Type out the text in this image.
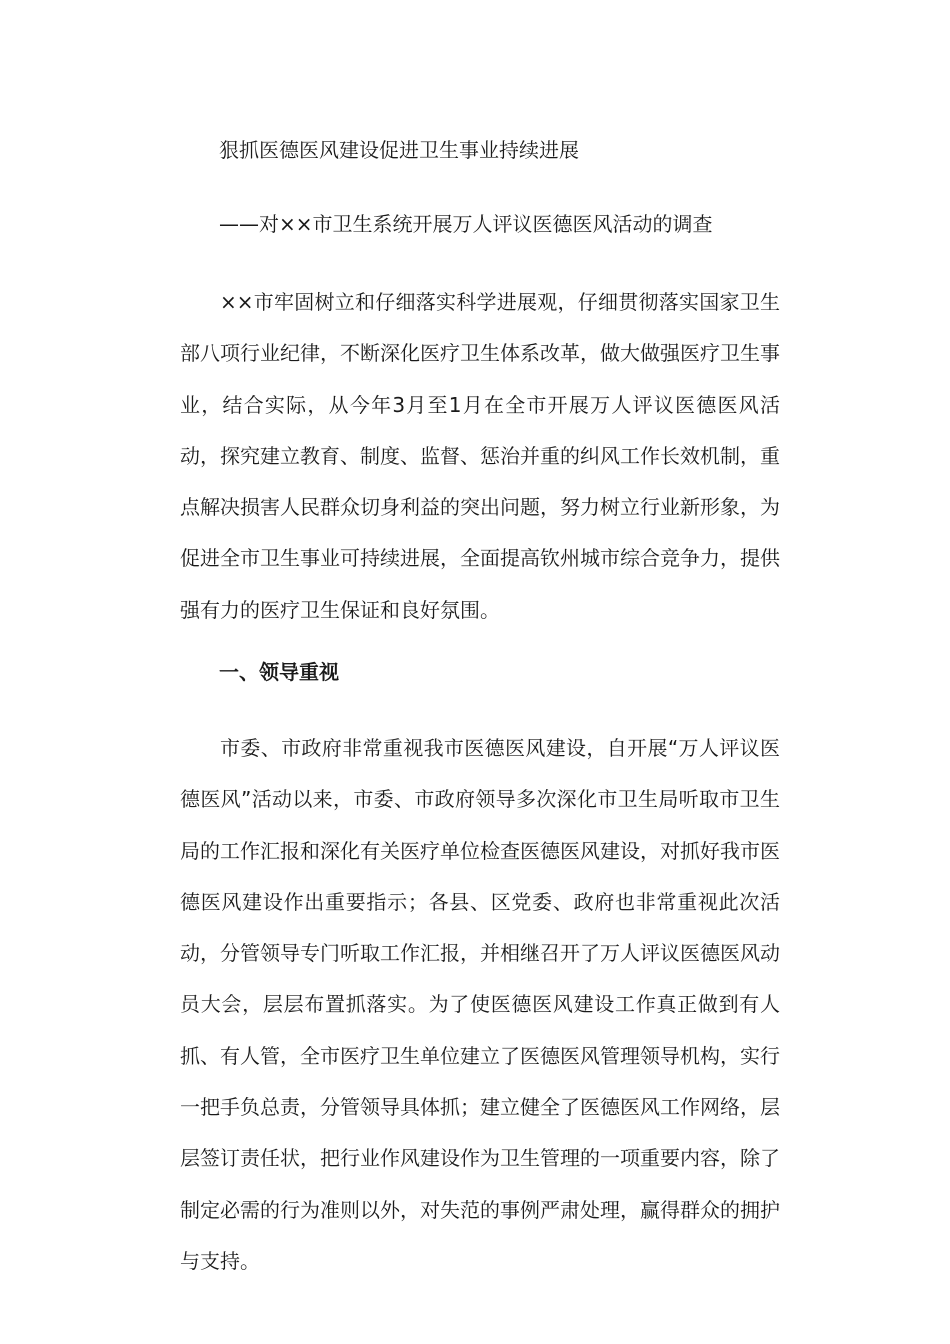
狠抓医德医风建设促进卫生事业持续进展

——对××市卫生系统开展万人评议医德医风活动的调查

××市牢固树立和仔细落实科学进展观，仔细贯彻落实国家卫生部八项行业纪律，不断深化医疗卫生体系改革，做大做强医疗卫生事业，结合实际，从今年3月至1月在全市开展万人评议医德医风活动，探究建立教育、制度、监督、惩治并重的纠风工作长效机制，重点解决损害人民群众切身利益的突出问题，努力树立行业新形象，为促进全市卫生事业可持续进展，全面提高钦州城市综合竞争力，提供强有力的医疗卫生保证和良好氛围。

一、领导重视

市委、市政府非常重视我市医德医风建设，自开展“万人评议医德医风”活动以来，市委、市政府领导多次深化市卫生局听取市卫生局的工作汇报和深化有关医疗单位检查医德医风建设，对抓好我市医德医风建设作出重要指示；各县、区党委、政府也非常重视此次活动，分管领导专门听取工作汇报，并相继召开了万人评议医德医风动员大会，层层布置抓落实。为了使医德医风建设工作真正做到有人抓、有人管，全市医疗卫生单位建立了医德医风管理领导机构，实行一把手负总责，分管领导具体抓；建立健全了医德医风工作网络，层层签订责任状，把行业作风建设作为卫生管理的一项重要内容，除了制定必需的行为准则以外，对失范的事例严肃处理，赢得群众的拥护与支持。
